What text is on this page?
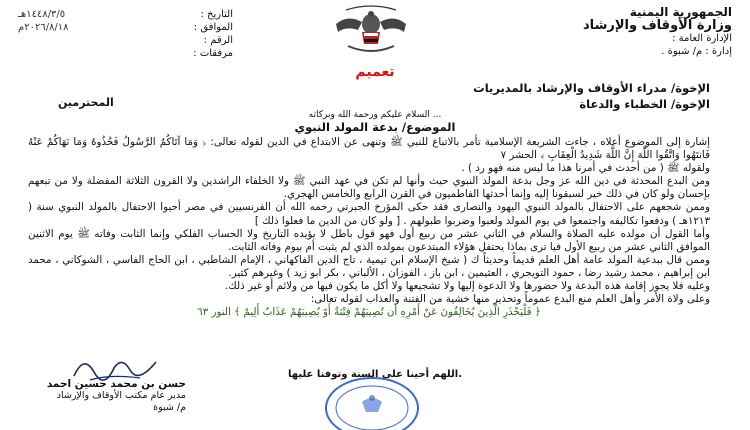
الجمهورية اليمنية
وزارة الأوقاف والإرشاد
الإدارة العامة :
إدارة : م/ شبوة .
التاريخ :
١٤٤٨/٣/٥هـ
الموافق :
٢٠٢٦/٨/١٨م
الرقم :
مرفقات :
تعميم
الإخوة/ مدراء الأوقاف والإرشاد بالمديريات
الإخوة/ الخطباء والدعاة
المحترمين
السلام عليكم ورحمة الله وبركاته ...
الموضوع/ بدعة المولد النبوي

إشارة إلى الموضوع أعلاه ، جاءت الشريعة الإسلامية تأمر بالاتباع للنبي ﷺ وتنهى عن الابتداع في الدين لقوله تعالى: ﴿ وَمَا آتَاكُمُ الرَّسُولُ فَخُذُوهُ وَمَا نَهَاكُمْ عَنْهُ فَانتَهُوا وَاتَّقُوا اللَّهَ إِنَّ اللَّهَ شَدِيدُ الْعِقَابِ ﴾ الحشر ٧

ولقوله ﷺ ( من أحدث في أمرنا هذا ما ليس منه فهو رد ) .

ومن البدع المحدثة في دين الله عز وجل بدعة المولد النبوي حيث وأنها لم تكن في عهد النبي ﷺ ولا الخلفاء الراشدين ولا القرون الثلاثة المفضلة ولا من تبعهم بإحسان ولو كان في ذلك خير لسبقونا إليه وإنما أحدثها الفاطميون في القرن الرابع والخامس الهجري.

وممن شجعهم على الاحتفال بالمولد النبوي اليهود والنصارى فقد حكى المؤرخ الجبرتي رحمه الله أن الفرنسيين في مصر أحيوا الاحتفال بالمولد النبوي سنة ( ١٢١٣هـ ) ودفعوا تكاليفه واجتمعوا في يوم المولد ولعبوا وضربوا طبولهم . [ ولو كان من الدين ما فعلوا ذلك ]

وأما القول أن مولده عليه الصلاة والسلام في الثاني عشر من ربيع أول فهو قول باطل لا يؤيده التاريخ ولا الحساب الفلكي وإنما الثابت وفاته ﷺ يوم الاثنين الموافق الثاني عشر من ربيع الأول فيا ترى بماذا يحتفل هؤلاء المبتدعون بمولده الذي لم يثبت أم بيوم وفاته الثابت.

وممن قال ببدعية المولد عامة أهل العلم قديماً وحديثاً ك ( شيخ الإسلام ابن تيمية ، تاج الدين الفاكهاني ، الإمام الشاطبي ، ابن الحاج الفاسي ، الشوكاني ، محمد ابن إبراهيم ، محمد رشيد رضا ، حمود التويجري ، العثيمين ، ابن باز ، الفوزان ، الألباني ، بكر ابو زيد ) وغيرهم كثير.

وعليه فلا يجوز إقامة هذه البدعة ولا حضورها ولا الدعوة إليها ولا تشجيعها ولا أكل ما يكون فيها من ولائم أو غير ذلك.

وعلى ولاة الأمر وأهل العلم منع البدع عموماً وتحذير منها خشية من الفتنة والعذاب لقوله تعالى:

﴿ فَلْيَحْذَرِ الَّذِينَ يُخَالِفُونَ عَنْ أَمْرِهِ أَن تُصِيبَهُمْ فِتْنَةٌ أَوْ يُصِيبَهُمْ عَذَابٌ أَلِيمٌ ﴾ النور ٦٣

اللهم أحينا على السنة وتوفنا عليها.
حسن بن محمد حسين احمد
مدير عام مكتب الأوقاف والإرشاد
م/ شبوة
